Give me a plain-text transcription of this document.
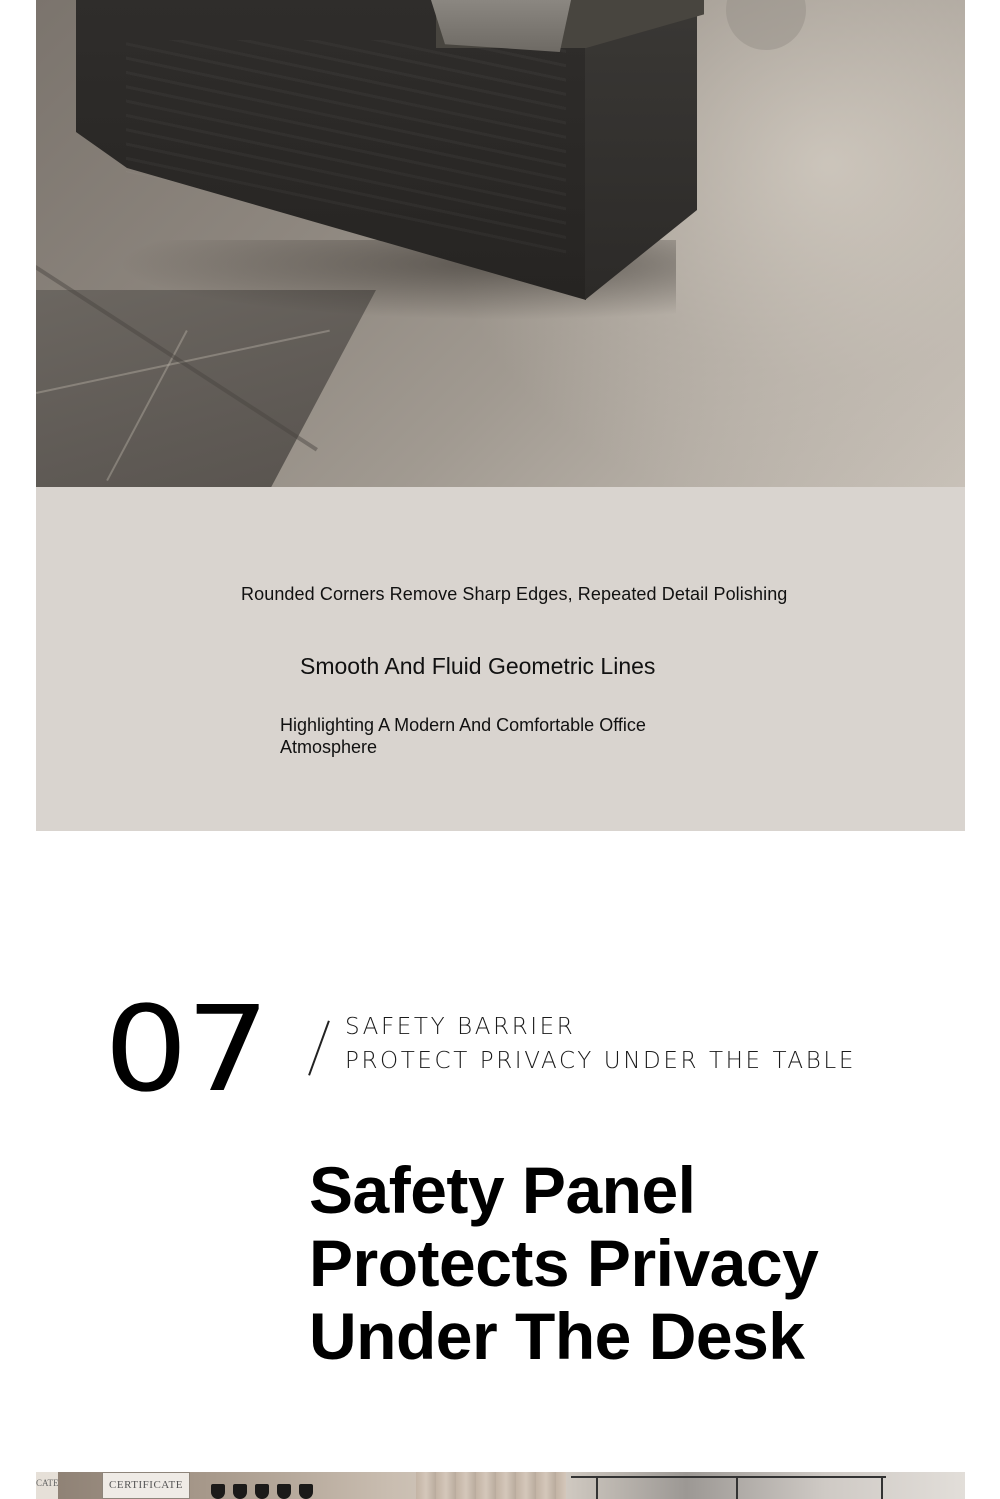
Rounded Corners Remove Sharp Edges, Repeated Detail Polishing
Smooth And Fluid Geometric Lines
Highlighting A Modern And Comfortable Office Atmosphere
07	SAFETY BARRIER
PROTECT PRIVACY UNDER THE TABLE
Safety Panel
Protects Privacy
Under The Desk
CATE	CERTIFICATE
